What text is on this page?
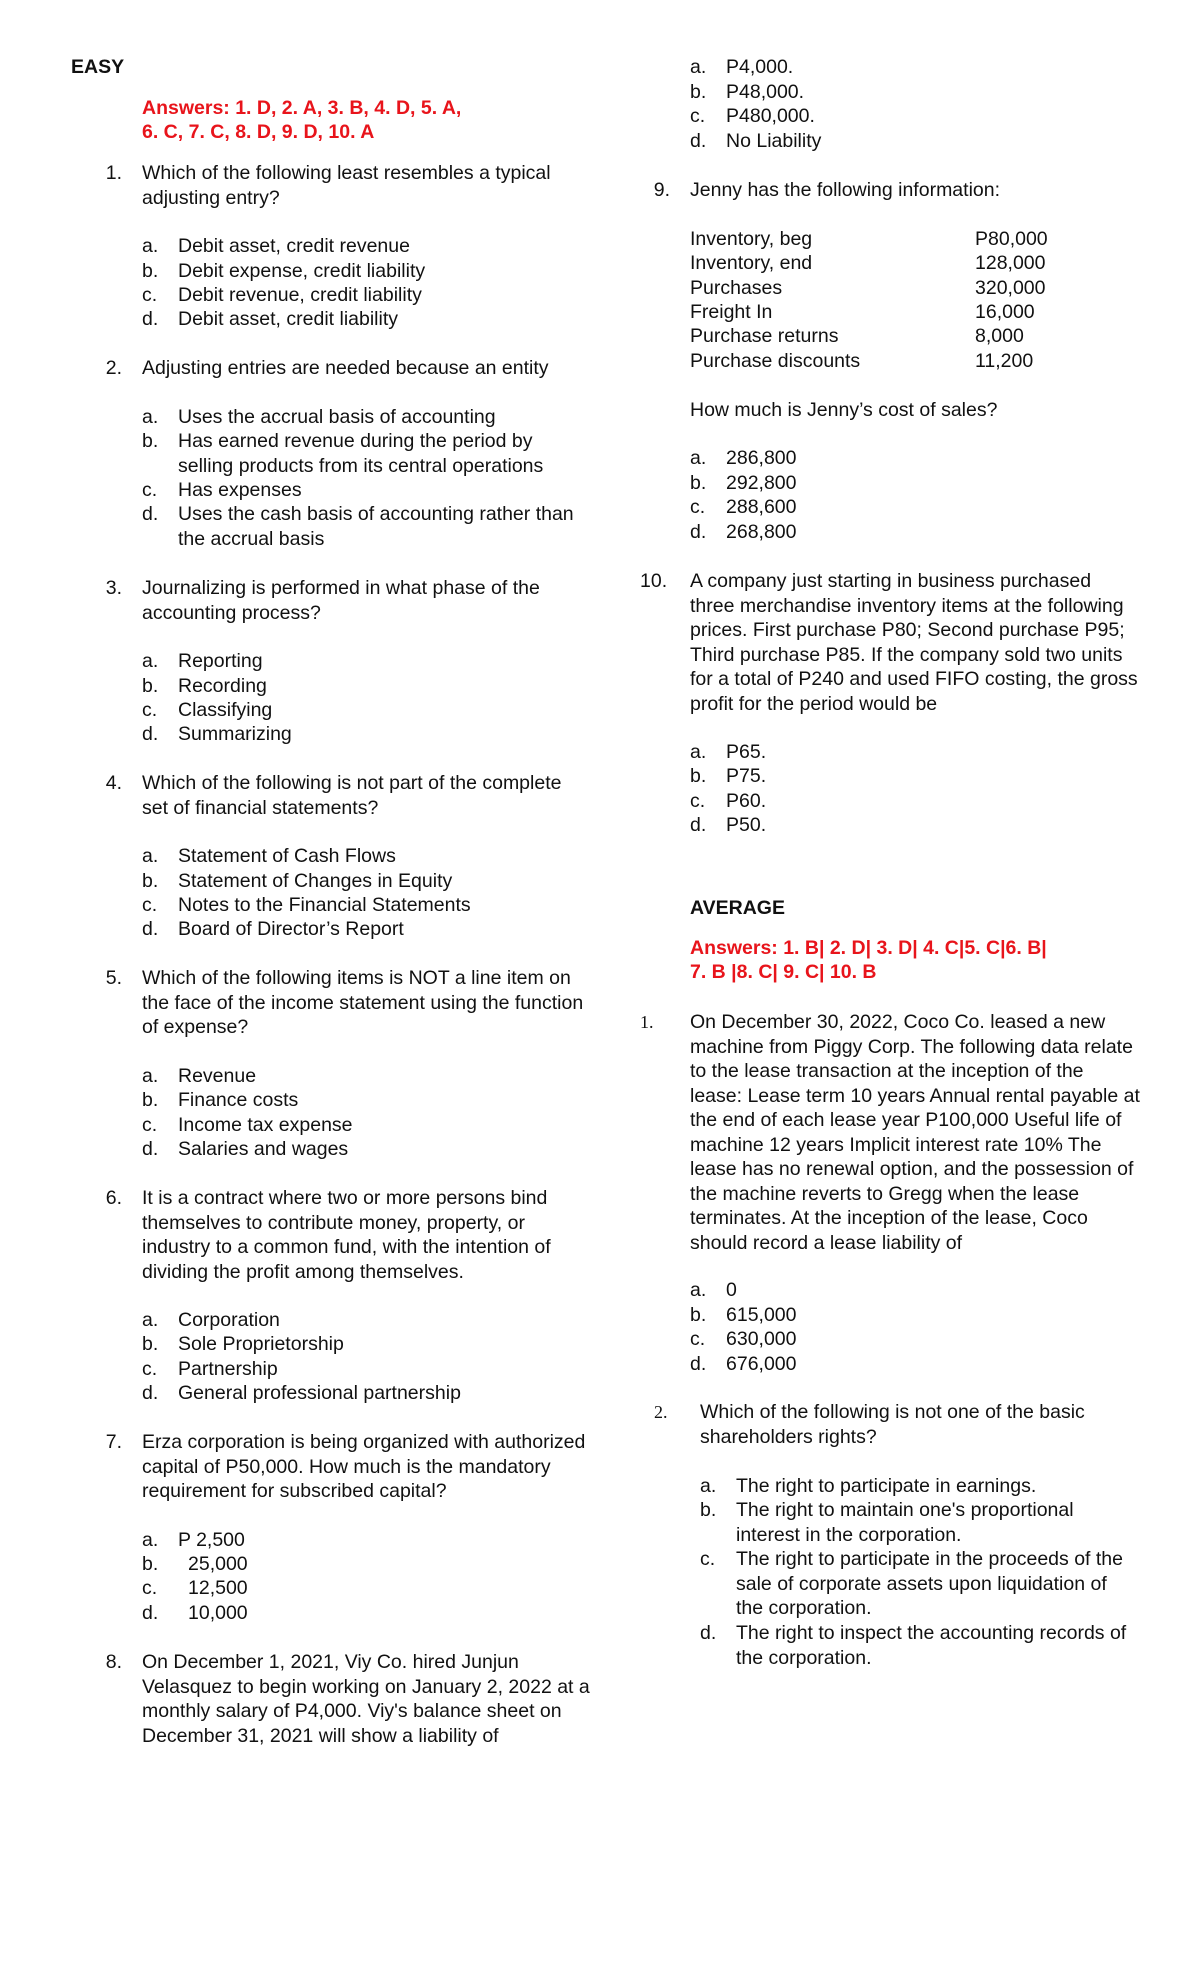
EASY
Answers: 1. D, 2. A, 3. B, 4. D, 5. A,
6. C, 7. C, 8. D, 9. D, 10. A
1. Which of the following least resembles a typical adjusting entry?
a. Debit asset, credit revenue
b. Debit expense, credit liability
c. Debit revenue, credit liability
d. Debit asset, credit liability
2. Adjusting entries are needed because an entity
a. Uses the accrual basis of accounting
b. Has earned revenue during the period by selling products from its central operations
c. Has expenses
d. Uses the cash basis of accounting rather than the accrual basis
3. Journalizing is performed in what phase of the accounting process?
a. Reporting
b. Recording
c. Classifying
d. Summarizing
4. Which of the following is not part of the complete set of financial statements?
a. Statement of Cash Flows
b. Statement of Changes in Equity
c. Notes to the Financial Statements
d. Board of Director’s Report
5. Which of the following items is NOT a line item on the face of the income statement using the function of expense?
a. Revenue
b. Finance costs
c. Income tax expense
d. Salaries and wages
6. It is a contract where two or more persons bind themselves to contribute money, property, or industry to a common fund, with the intention of dividing the profit among themselves.
a. Corporation
b. Sole Proprietorship
c. Partnership
d. General professional partnership
7. Erza corporation is being organized with authorized capital of P50,000. How much is the mandatory requirement for subscribed capital?
a. P 2,500
b. 25,000
c. 12,500
d. 10,000
8. On December 1, 2021, Viy Co. hired Junjun Velasquez to begin working on January 2, 2022 at a monthly salary of P4,000. Viy's balance sheet on December 31, 2021 will show a liability of
a. P4,000.
b. P48,000.
c. P480,000.
d. No Liability
9. Jenny has the following information:
Inventory, beg	P80,000
Inventory, end	128,000
Purchases	320,000
Freight In	16,000
Purchase returns	8,000
Purchase discounts	11,200
How much is Jenny’s cost of sales?
a. 286,800
b. 292,800
c. 288,600
d. 268,800
10.	A company just starting in business purchased three merchandise inventory items at the following prices. First purchase P80; Second purchase P95; Third purchase P85. If the company sold two units for a total of P240 and used FIFO costing, the gross profit for the period would be
a. P65.
b. P75.
c. P60.
d. P50.
AVERAGE
Answers: 1. B| 2. D| 3. D| 4. C|5. C|6. B|
7. B |8. C| 9. C| 10. B
1.	On December 30, 2022, Coco Co. leased a new machine from Piggy Corp. The following data relate to the lease transaction at the inception of the lease: Lease term 10 years Annual rental payable at the end of each lease year P100,000 Useful life of machine 12 years Implicit interest rate 10% The lease has no renewal option, and the possession of the machine reverts to Gregg when the lease terminates. At the inception of the lease, Coco should record a lease liability of
a. 0
b. 615,000
c. 630,000
d. 676,000
2.	Which of the following is not one of the basic shareholders rights?
a. The right to participate in earnings.
b. The right to maintain one's proportional interest in the corporation.
c. The right to participate in the proceeds of the sale of corporate assets upon liquidation of the corporation.
d. The right to inspect the accounting records of the corporation.
